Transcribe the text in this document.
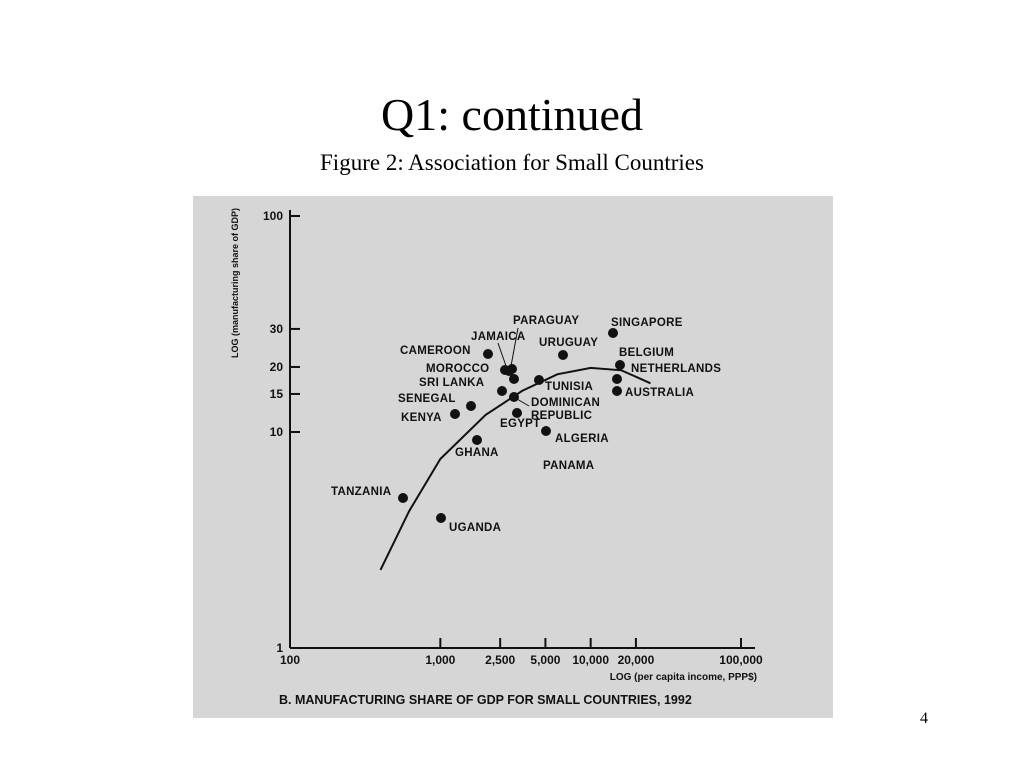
Q1: continued
Figure 2: Association for Small Countries
1
10
15
20
30
100
100	1,000 2,500 5,000 10,000 20,000	100,000
PARAGUAY	SINGAPORE
JAMAICA URUGUAY
CAMEROON	BELGIUM
MOROCCO	NETHERLANDS
SRI LANKA	TUNISIA	AUSTRALIA
SENEGAL	DOMINICAN
REPUBLIC
KENYA	EGYPT
ALGERIA
GHANA
PANAMA
TANZANIA
UGANDA
LOG (manufacturing share of GDP)
LOG (per capita income, PPP$)
B. MANUFACTURING SHARE OF GDP FOR SMALL COUNTRIES, 1992
4
